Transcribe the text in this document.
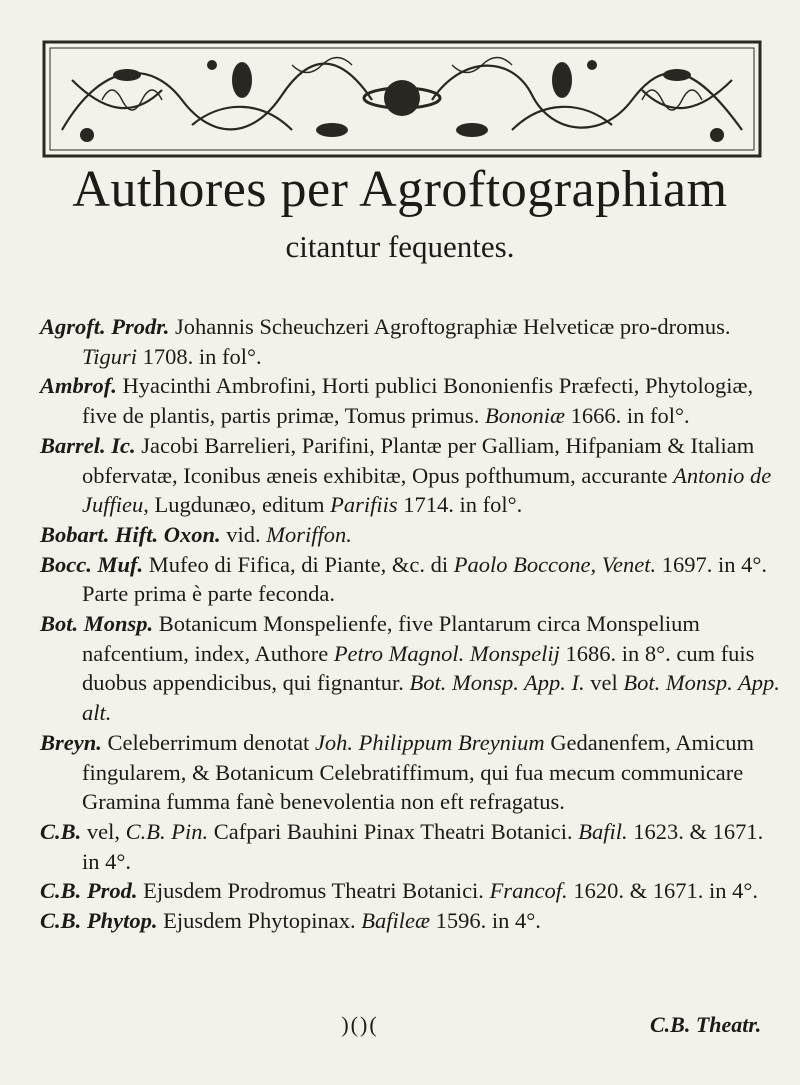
Authores per Agroftographiam
citantur fequentes.

Agroft. Prodr. Johannis Scheuchzeri Agroftographiæ Helveticæ pro-dromus. Tiguri 1708. in fol°.

Ambrof. Hyacinthi Ambrofini, Horti publici Bononienfis Præfecti, Phytologiæ, five de plantis, partis primæ, Tomus primus. Bononiæ 1666. in fol°.

Barrel. Ic. Jacobi Barrelieri, Parifini, Plantæ per Galliam, Hifpaniam & Italiam obfervatæ, Iconibus æneis exhibitæ, Opus pofthumum, accurante Antonio de Juffieu, Lugdunæo, editum Parifiis 1714. in fol°.

Bobart. Hift. Oxon. vid. Moriffon.

Bocc. Muf. Mufeo di Fifica, di Piante, &c. di Paolo Boccone, Venet. 1697. in 4°. Parte prima è parte feconda.

Bot. Monsp. Botanicum Monspelienfe, five Plantarum circa Monspelium nafcentium, index, Authore Petro Magnol. Monspelij 1686. in 8°. cum fuis duobus appendicibus, qui fignantur. Bot. Monsp. App. I. vel Bot. Monsp. App. alt.

Breyn. Celeberrimum denotat Joh. Philippum Breynium Gedanenfem, Amicum fingularem, & Botanicum Celebratiffimum, qui fua mecum communicare Gramina fumma fanè benevolentia non eft refragatus.

C.B. vel, C.B. Pin. Cafpari Bauhini Pinax Theatri Botanici. Bafil. 1623. & 1671. in 4°.

C.B. Prod. Ejusdem Prodromus Theatri Botanici. Francof. 1620. & 1671. in 4°.

C.B. Phytop. Ejusdem Phytopinax. Bafileæ 1596. in 4°.

)()(	C.B. Theatr.
